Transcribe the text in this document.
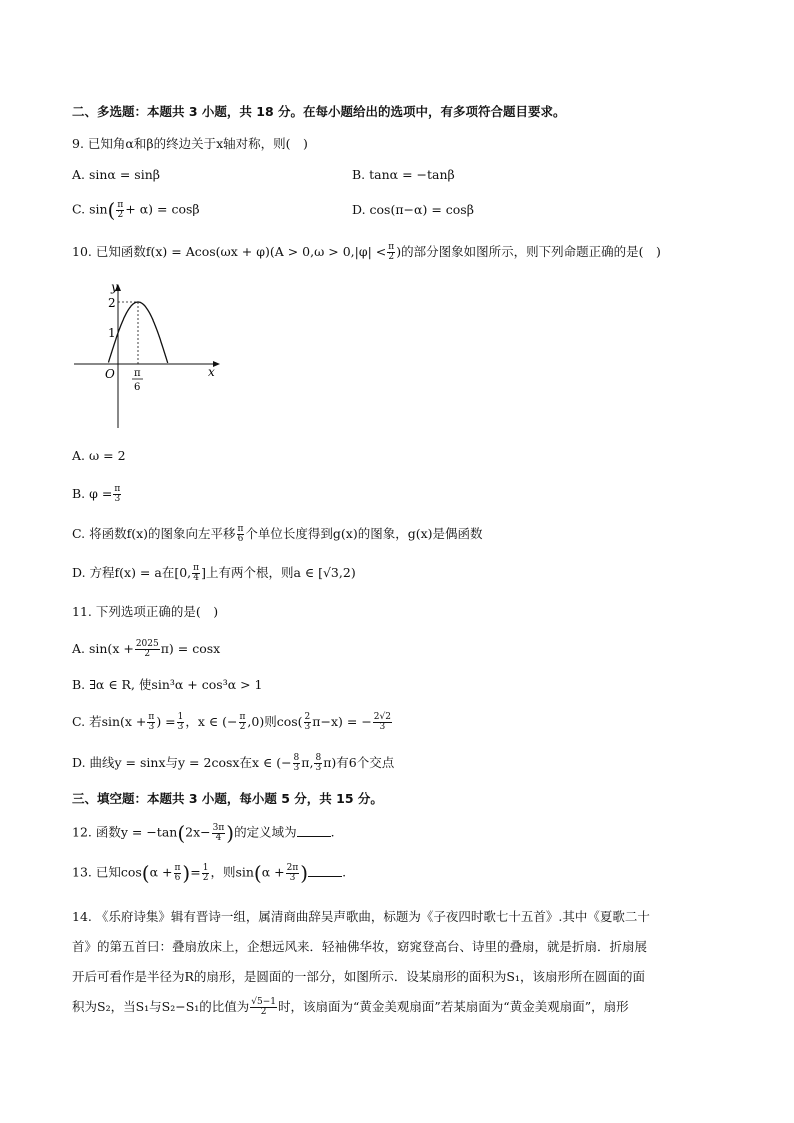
二、多选题：本题共 3 小题，共 18 分。在每小题给出的选项中，有多项符合题目要求。
9. 已知角α和β的终边关于x轴对称，则(　)
A. sinα = sinβ	B. tanα = −tanβ
C. $\sin( \frac{\pi}{2} + \alpha) = \cos\beta$	D. cos(π−α) = cosβ
10. 已知函数$f(x) = Acos(\omega x + \varphi)(A > 0,\omega > 0,|\varphi| < \frac{\pi}{2}$ )的部分图象如图所示，则下列命题正确的是(　)
y
x
O
2
1
π
6
A. ω = 2
B. $\varphi = \frac{\pi}{3}$
C. 将函数f(x)的图象向左平移 $\frac{\pi}{6}$ 个单位长度得到g(x)的图象，g(x)是偶函数
D. 方程f(x) = a在[0, $\frac{\pi}{4}$ ]上有两个根，则a ∈ [√3,2)
11. 下列选项正确的是(　)
A. $\sin(x + \frac{2025}{2} \pi) = \cos x$
B. ∃α ∈ R, 使sin³α + cos³α > 1
C. 若$\sin(x + \frac{\pi}{3}$ ) = $\frac{1}{3}$ ，x ∈ (− $\frac{\pi}{2} ,0$)则$\cos( \frac{2}{3} \pi-x)$ = − $\frac{2√2}{3}$
D. 曲线y = sinx与y = 2cosx在x ∈ (− $\frac{8}{3} \pi$, $\frac{8}{3} \pi$)有6个交点
三、填空题：本题共 3 小题，每小题 5 分，共 15 分。
12. 函数$y = -\tan(2x- \frac{3\pi}{4}$ )的定义域为	.
13. 已知$\cos(\alpha + \frac{\pi}{6}$ )= $\frac{1}{2}$ ，则$\sin(\alpha + \frac{2\pi}{3}$ )	.
14. 《乐府诗集》辑有晋诗一组，属清商曲辞吴声歌曲，标题为《子夜四时歌七十五首》.其中《夏歌二十
首》的第五首曰：叠扇放床上，企想远风来．轻袖佛华妆，窈窕登高台、诗里的叠扇，就是折扇．折扇展
开后可看作是半径为R的扇形，是圆面的一部分，如图所示．设某扇形的面积为S₁，该扇形所在圆面的面
积为S₂，当S₁与S₂−S₁的比值为 $\frac{√5-1}{2}$ 时，该扇面为“黄金美观扇面”若某扇面为“黄金美观扇面”，扇形
